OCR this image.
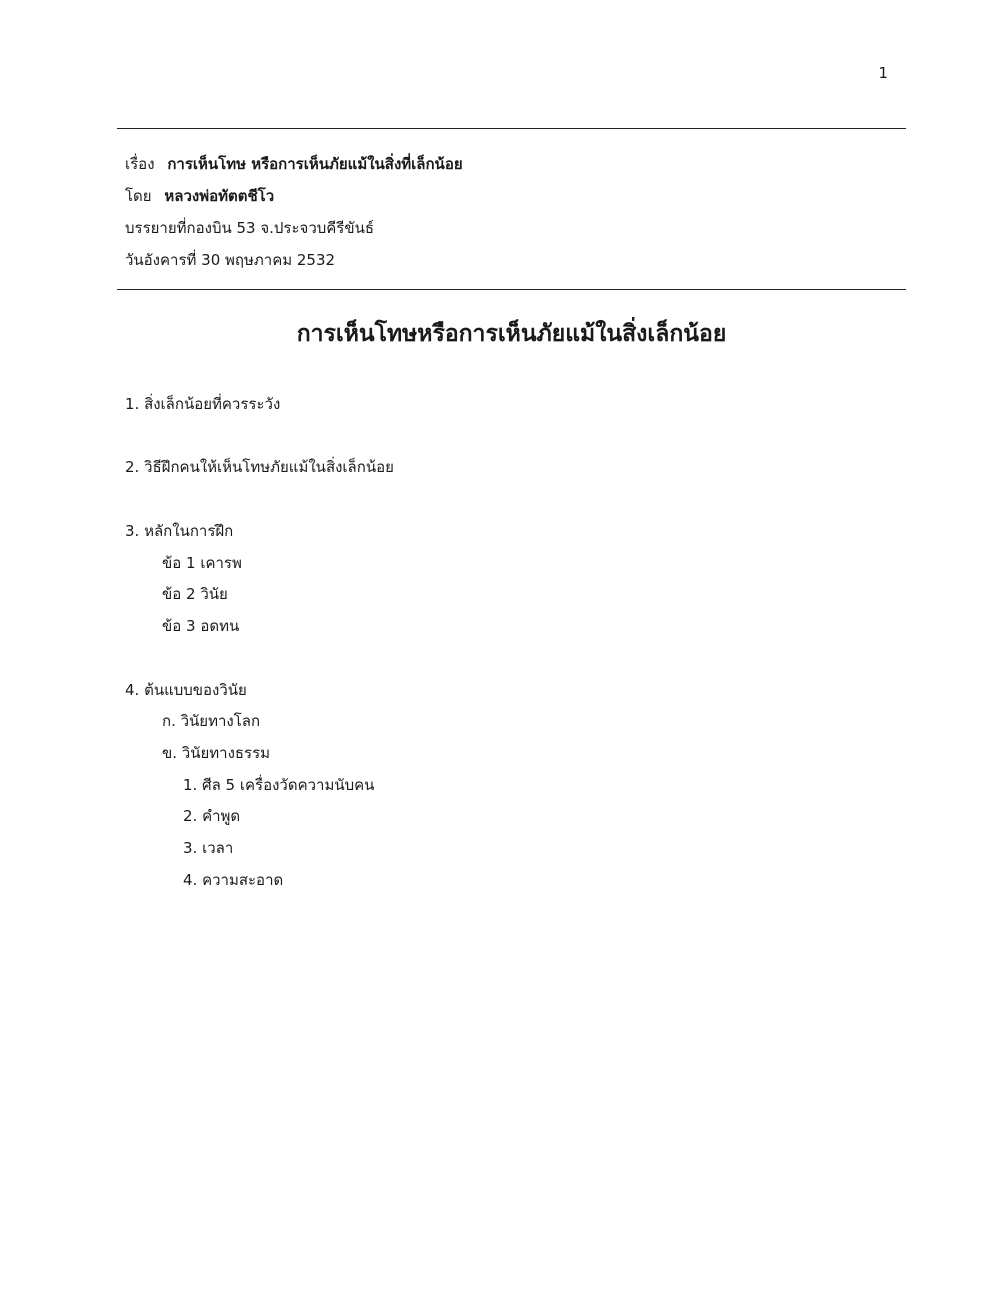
1
เรื่อง การเห็นโทษ หรือการเห็นภัยแม้ในสิ่งที่เล็กน้อย
โดย หลวงพ่อทัตตชีโว
บรรยายที่กองบิน 53 จ.ประจวบคีรีขันธ์
วันอังคารที่ 30 พฤษภาคม 2532
การเห็นโทษหรือการเห็นภัยแม้ในสิ่งเล็กน้อย
1. สิ่งเล็กน้อยที่ควรระวัง
2. วิธีฝึกคนให้เห็นโทษภัยแม้ในสิ่งเล็กน้อย
3. หลักในการฝึก
ข้อ 1 เคารพ
ข้อ 2 วินัย
ข้อ 3 อดทน
4. ต้นแบบของวินัย
ก. วินัยทางโลก
ข. วินัยทางธรรม
1. ศีล 5 เครื่องวัดความนับคน
2. คำพูด
3. เวลา
4. ความสะอาด
